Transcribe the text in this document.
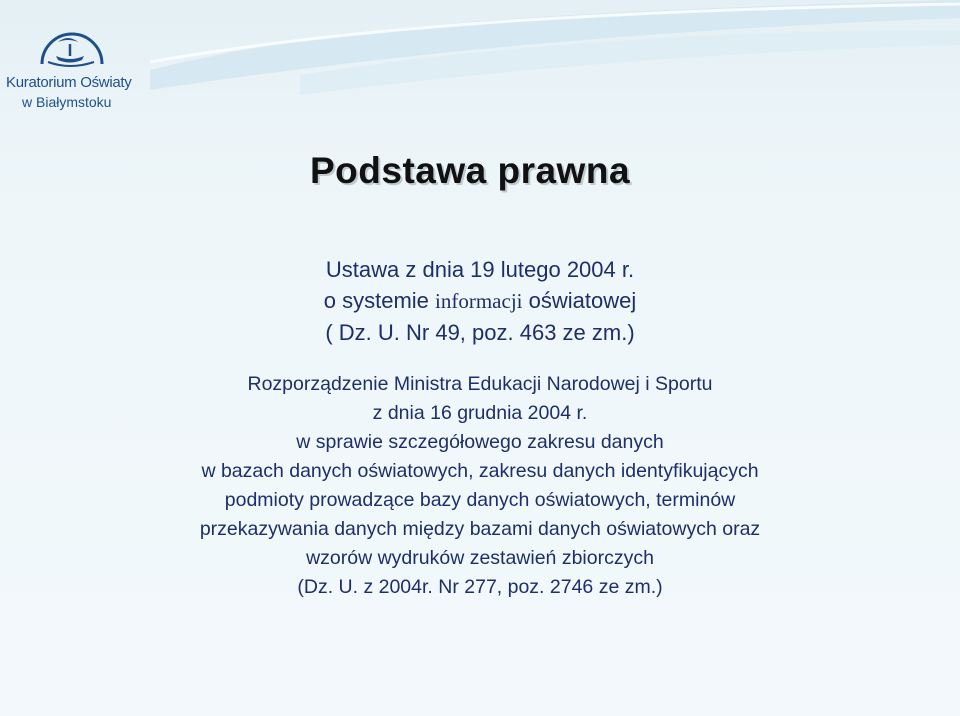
Kuratorium Oświaty
w Białymstoku
Podstawa prawna

Ustawa z dnia 19 lutego 2004 r.

o systemie informacji oświatowej

( Dz. U. Nr 49, poz. 463 ze zm.)

Rozporządzenie Ministra Edukacji Narodowej i Sportu

z dnia 16 grudnia 2004 r.

w sprawie szczegółowego zakresu danych

w bazach danych oświatowych, zakresu danych identyfikujących

podmioty prowadzące bazy danych oświatowych, terminów

przekazywania danych między bazami danych oświatowych oraz

wzorów wydruków zestawień zbiorczych

(Dz. U. z 2004r. Nr 277, poz. 2746 ze zm.)
